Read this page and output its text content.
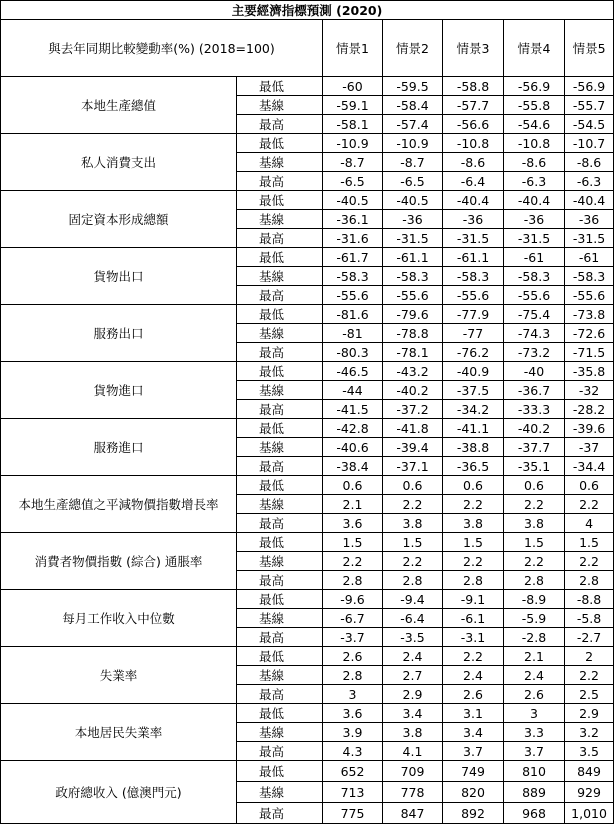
主要經濟指標預測 (2020)						
與去年同期比較變動率(%) (2018=100)		情景1	情景2	情景3	情景4	情景5
本地生產總值	最低	-60	-59.5	-58.8	-56.9	-56.9
	基線	-59.1	-58.4	-57.7	-55.8	-55.7
	最高	-58.1	-57.4	-56.6	-54.6	-54.5
私人消費支出	最低	-10.9	-10.9	-10.8	-10.8	-10.7
	基線	-8.7	-8.7	-8.6	-8.6	-8.6
	最高	-6.5	-6.5	-6.4	-6.3	-6.3
固定資本形成總額	最低	-40.5	-40.5	-40.4	-40.4	-40.4
	基線	-36.1	-36	-36	-36	-36
	最高	-31.6	-31.5	-31.5	-31.5	-31.5
貨物出口	最低	-61.7	-61.1	-61.1	-61	-61
	基線	-58.3	-58.3	-58.3	-58.3	-58.3
	最高	-55.6	-55.6	-55.6	-55.6	-55.6
服務出口	最低	-81.6	-79.6	-77.9	-75.4	-73.8
	基線	-81	-78.8	-77	-74.3	-72.6
	最高	-80.3	-78.1	-76.2	-73.2	-71.5
貨物進口	最低	-46.5	-43.2	-40.9	-40	-35.8
	基線	-44	-40.2	-37.5	-36.7	-32
	最高	-41.5	-37.2	-34.2	-33.3	-28.2
服務進口	最低	-42.8	-41.8	-41.1	-40.2	-39.6
	基線	-40.6	-39.4	-38.8	-37.7	-37
	最高	-38.4	-37.1	-36.5	-35.1	-34.4
本地生產總值之平減物價指數增長率	最低	0.6	0.6	0.6	0.6	0.6
	基線	2.1	2.2	2.2	2.2	2.2
	最高	3.6	3.8	3.8	3.8	4
消費者物價指數 (綜合) 通脹率	最低	1.5	1.5	1.5	1.5	1.5
	基線	2.2	2.2	2.2	2.2	2.2
	最高	2.8	2.8	2.8	2.8	2.8
每月工作收入中位數	最低	-9.6	-9.4	-9.1	-8.9	-8.8
	基線	-6.7	-6.4	-6.1	-5.9	-5.8
	最高	-3.7	-3.5	-3.1	-2.8	-2.7
失業率	最低	2.6	2.4	2.2	2.1	2
	基線	2.8	2.7	2.4	2.4	2.2
	最高	3	2.9	2.6	2.6	2.5
本地居民失業率	最低	3.6	3.4	3.1	3	2.9
	基線	3.9	3.8	3.4	3.3	3.2
	最高	4.3	4.1	3.7	3.7	3.5
政府總收入 (億澳門元)	最低	652	709	749	810	849
	基線	713	778	820	889	929
	最高	775	847	892	968	1,010
